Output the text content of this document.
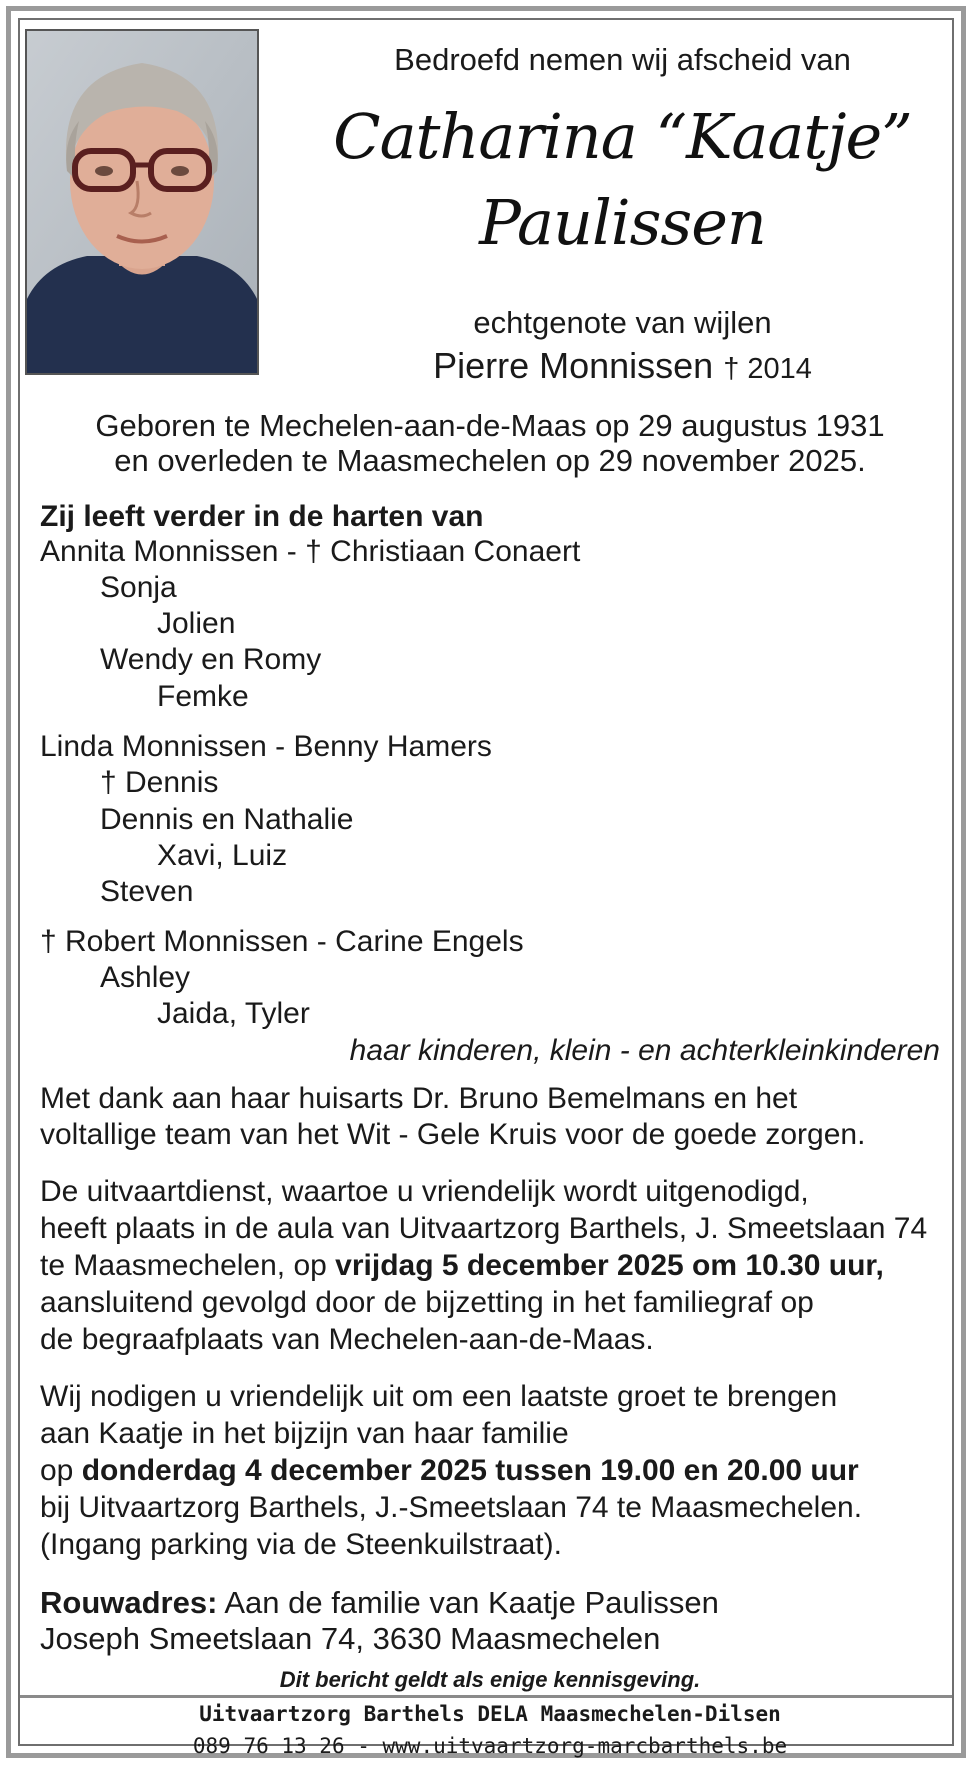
Bedroefd nemen wij afscheid van

Catharina “Kaatje”

Paulissen

echtgenote van wijlen

Pierre Monnissen † 2014

Geboren te Mechelen-aan-de-Maas op 29 augustus 1931

en overleden te Maasmechelen op 29 november 2025.

Zij leeft verder in de harten van

Annita Monnissen - † Christiaan Conaert

Sonja

Jolien

Wendy en Romy

Femke

Linda Monnissen - Benny Hamers

† Dennis

Dennis en Nathalie

Xavi, Luiz

Steven

† Robert Monnissen - Carine Engels

Ashley

Jaida, Tyler

haar kinderen, klein - en achterkleinkinderen

Met dank aan haar huisarts Dr. Bruno Bemelmans en het

voltallige team van het Wit - Gele Kruis voor de goede zorgen.

De uitvaartdienst, waartoe u vriendelijk wordt uitgenodigd,

heeft plaats in de aula van Uitvaartzorg Barthels, J. Smeetslaan 74

te Maasmechelen, op vrijdag 5 december 2025 om 10.30 uur,

aansluitend gevolgd door de bijzetting in het familiegraf op

de begraafplaats van Mechelen-aan-de-Maas.

Wij nodigen u vriendelijk uit om een laatste groet te brengen

aan Kaatje in het bijzijn van haar familie

op donderdag 4 december 2025 tussen 19.00 en 20.00 uur

bij Uitvaartzorg Barthels, J.-Smeetslaan 74 te Maasmechelen.

(Ingang parking via de Steenkuilstraat).

Rouwadres: Aan de familie van Kaatje Paulissen

Joseph Smeetslaan 74, 3630 Maasmechelen

Dit bericht geldt als enige kennisgeving.

Uitvaartzorg Barthels DELA Maasmechelen-Dilsen

089 76 13 26 - www.uitvaartzorg-marcbarthels.be
